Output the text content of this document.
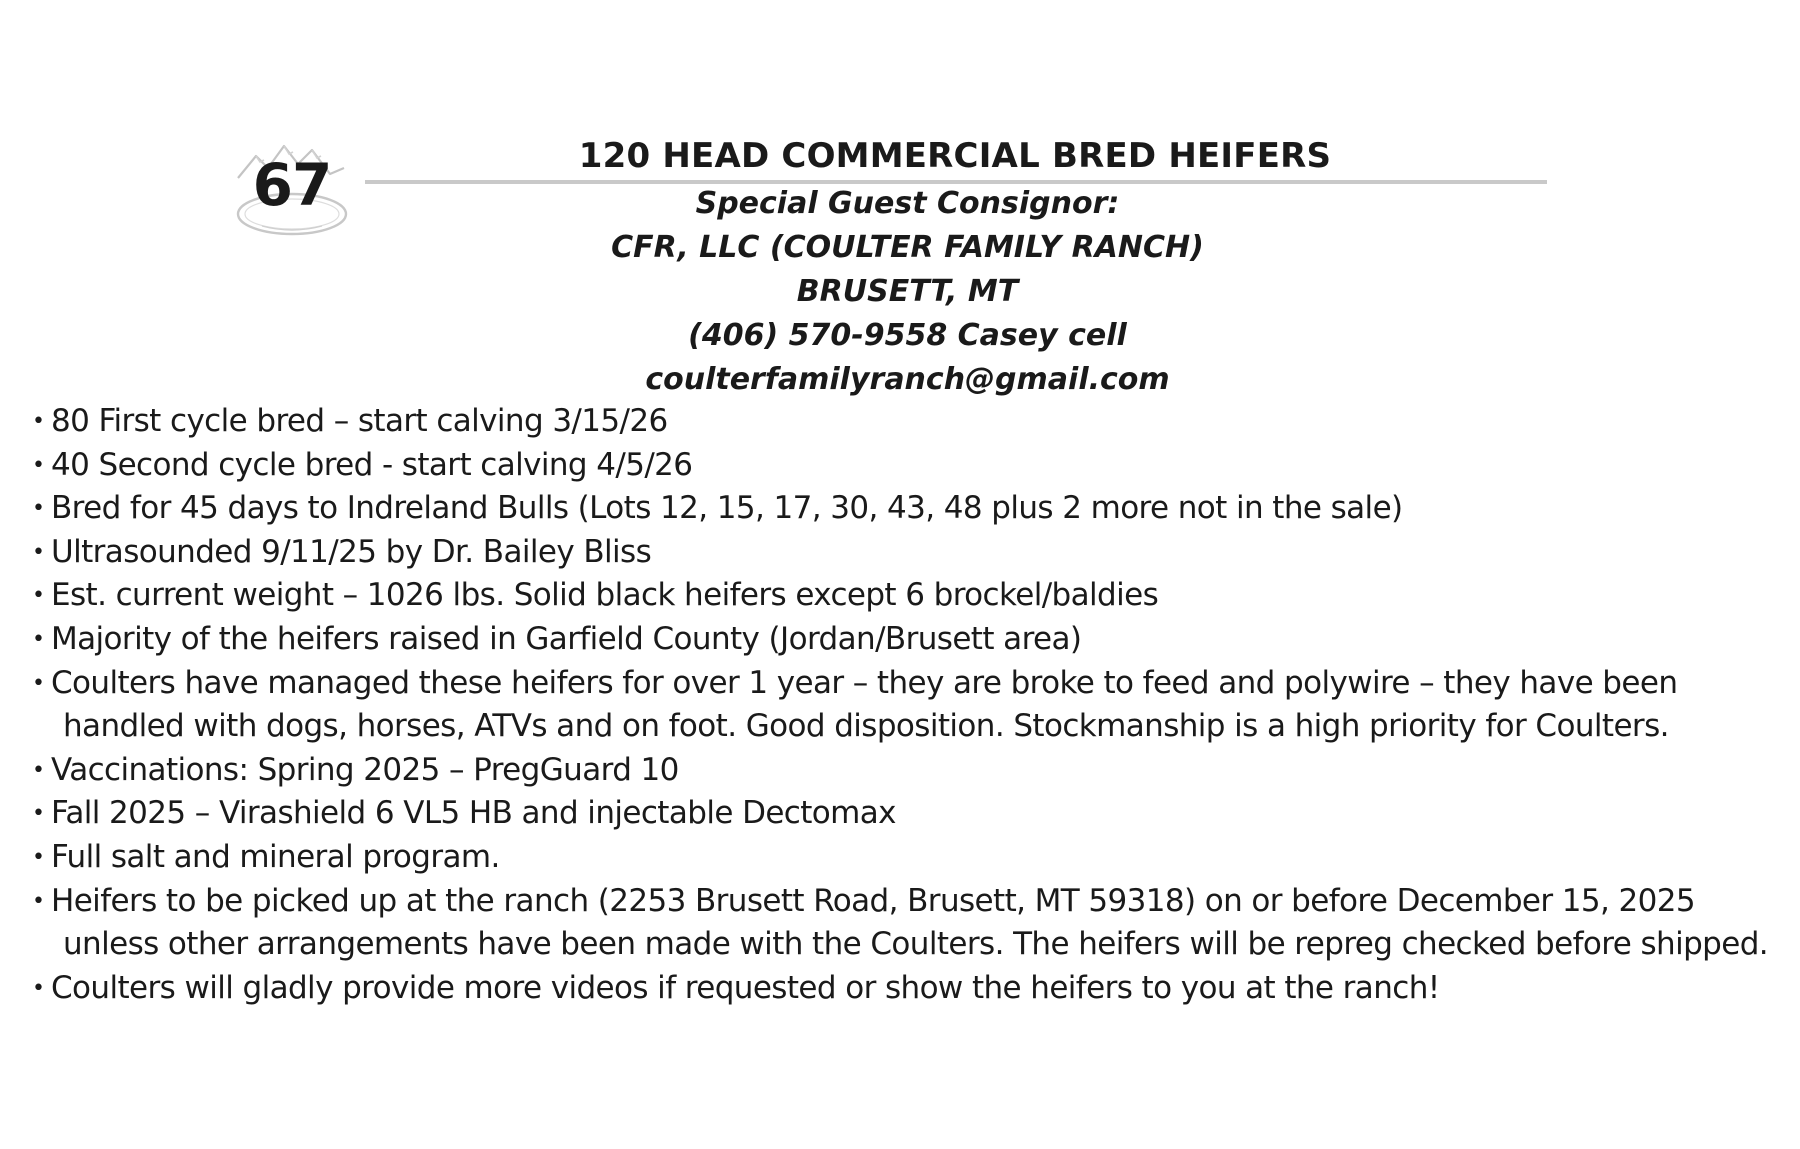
67	120 HEAD COMMERCIAL BRED HEIFERS
Special Guest Consignor:
CFR, LLC (COULTER FAMILY RANCH)
BRUSETT, MT
(406) 570-9558 Casey cell
coulterfamilyranch@gmail.com
• 80 First cycle bred – start calving 3/15/26
• 40 Second cycle bred - start calving 4/5/26
• Bred for 45 days to Indreland Bulls (Lots 12, 15, 17, 30, 43, 48 plus 2 more not in the sale)
• Ultrasounded 9/11/25 by Dr. Bailey Bliss
• Est. current weight – 1026 lbs. Solid black heifers except 6 brockel/baldies
• Majority of the heifers raised in Garfield County (Jordan/Brusett area)
• Coulters have managed these heifers for over 1 year – they are broke to feed and polywire – they have been
handled with dogs, horses, ATVs and on foot. Good disposition. Stockmanship is a high priority for Coulters.
• Vaccinations: Spring 2025 – PregGuard 10
• Fall 2025 – Virashield 6 VL5 HB and injectable Dectomax
• Full salt and mineral program.
• Heifers to be picked up at the ranch (2253 Brusett Road, Brusett, MT 59318) on or before December 15, 2025
unless other arrangements have been made with the Coulters. The heifers will be repreg checked before shipped.
• Coulters will gladly provide more videos if requested or show the heifers to you at the ranch!
